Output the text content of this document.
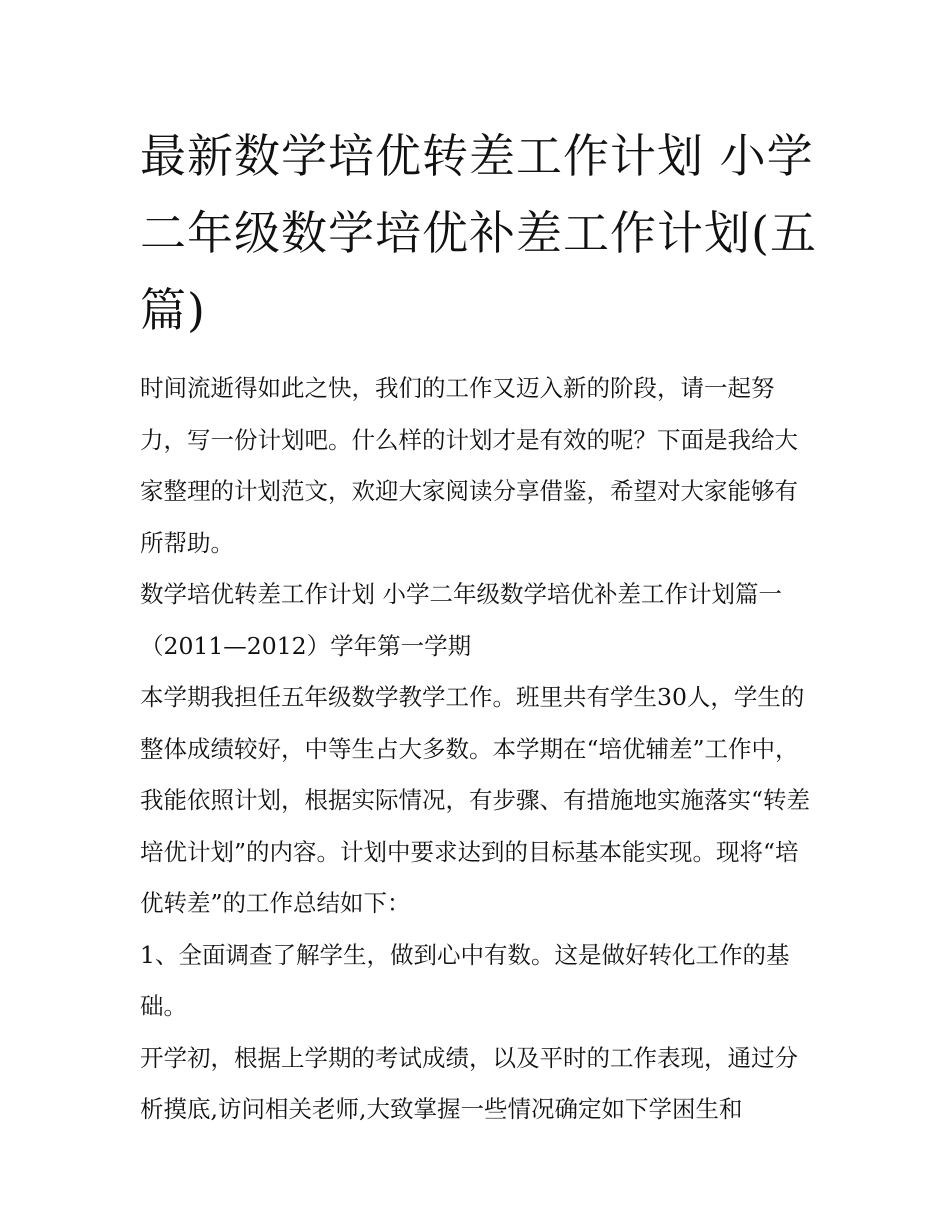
最新数学培优转差工作计划 小学二年级数学培优补差工作计划(五篇)

时间流逝得如此之快，我们的工作又迈入新的阶段，请一起努力，写一份计划吧。什么样的计划才是有效的呢？下面是我给大家整理的计划范文，欢迎大家阅读分享借鉴，希望对大家能够有所帮助。

数学培优转差工作计划 小学二年级数学培优补差工作计划篇一（2011—2012）学年第一学期

本学期我担任五年级数学教学工作。班里共有学生30人，学生的整体成绩较好，中等生占大多数。本学期在“培优辅差”工作中，我能依照计划，根据实际情况，有步骤、有措施地实施落实“转差培优计划”的内容。计划中要求达到的目标基本能实现。现将“培优转差”的工作总结如下：

1、全面调查了解学生，做到心中有数。这是做好转化工作的基础。

开学初，根据上学期的考试成绩，以及平时的工作表现，通过分析摸底,访问相关老师,大致掌握一些情况确定如下学困生和
